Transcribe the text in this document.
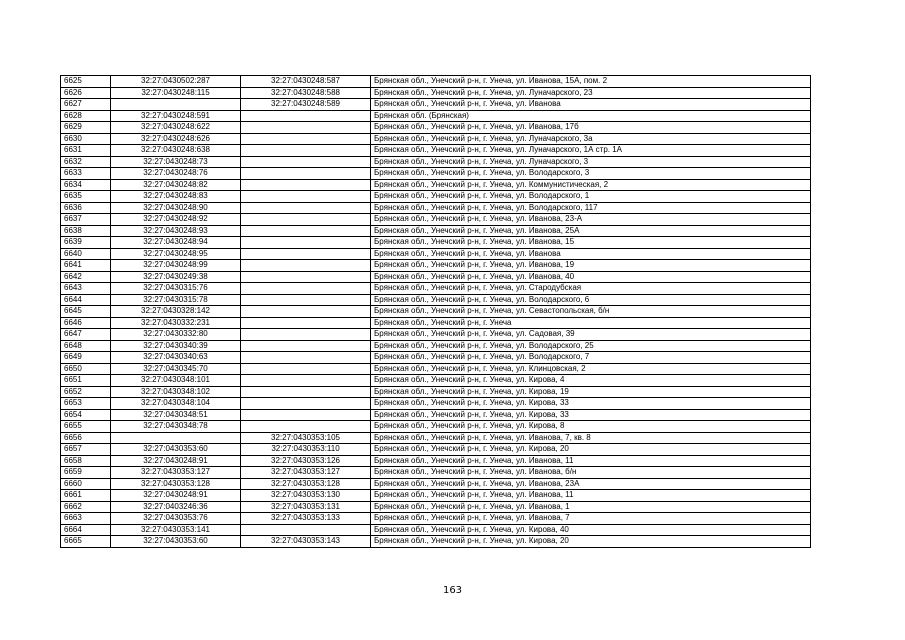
6625	32:27:0430502:287	32:27:0430248:587	Брянская обл., Унечский р-н, г. Унеча, ул. Иванова, 15А, пом. 2
6626	32:27:0430248:115	32:27:0430248:588	Брянская обл., Унечский р-н, г. Унеча, ул. Луначарского, 23
6627		32:27:0430248:589	Брянская обл., Унечский р-н, г. Унеча, ул. Иванова
6628	32:27:0430248:591		Брянская обл. (Брянская)
6629	32:27:0430248:622		Брянская обл., Унечский р-н, г. Унеча, ул. Иванова, 17б
6630	32:27:0430248:626		Брянская обл., Унечский р-н, г. Унеча, ул. Луначарского, 3а
6631	32:27:0430248:638		Брянская обл., Унечский р-н, г. Унеча, ул. Луначарского, 1А стр. 1А
6632	32:27:0430248:73		Брянская обл., Унечский р-н, г. Унеча, ул. Луначарского, 3
6633	32:27:0430248:76		Брянская обл., Унечский р-н, г. Унеча, ул. Володарского, 3
6634	32:27:0430248:82		Брянская обл., Унечский р-н, г. Унеча, ул. Коммунистическая, 2
6635	32:27:0430248:83		Брянская обл., Унечский р-н, г. Унеча, ул. Володарского, 1
6636	32:27:0430248:90		Брянская обл., Унечский р-н, г. Унеча, ул. Володарского, 117
6637	32:27:0430248:92		Брянская обл., Унечский р-н, г. Унеча, ул. Иванова, 23-А
6638	32:27:0430248:93		Брянская обл., Унечский р-н, г. Унеча, ул. Иванова, 25А
6639	32:27:0430248:94		Брянская обл., Унечский р-н, г. Унеча, ул. Иванова, 15
6640	32:27:0430248:95		Брянская обл., Унечский р-н, г. Унеча, ул. Иванова
6641	32:27:0430248:99		Брянская обл., Унечский р-н, г. Унеча, ул. Иванова, 19
6642	32:27:0430249:38		Брянская обл., Унечский р-н, г. Унеча, ул. Иванова, 40
6643	32:27:0430315:76		Брянская обл., Унечский р-н, г. Унеча, ул. Стародубская
6644	32:27:0430315:78		Брянская обл., Унечский р-н, г. Унеча, ул. Володарского, 6
6645	32:27:0430328:142		Брянская обл., Унечский р-н, г. Унеча, ул. Севастопольская, б/н
6646	32:27:0430332:231		Брянская обл., Унечский р-н, г. Унеча
6647	32:27:0430332:80		Брянская обл., Унечский р-н, г. Унеча, ул. Садовая, 39
6648	32:27:0430340:39		Брянская обл., Унечский р-н, г. Унеча, ул. Володарского, 25
6649	32:27:0430340:63		Брянская обл., Унечский р-н, г. Унеча, ул. Володарского, 7
6650	32:27:0430345:70		Брянская обл., Унечский р-н, г. Унеча, ул. Клинцовская, 2
6651	32:27:0430348:101		Брянская обл., Унечский р-н, г. Унеча, ул. Кирова, 4
6652	32:27:0430348:102		Брянская обл., Унечский р-н, г. Унеча, ул. Кирова, 19
6653	32:27:0430348:104		Брянская обл., Унечский р-н, г. Унеча, ул. Кирова, 33
6654	32:27:0430348:51		Брянская обл., Унечский р-н, г. Унеча, ул. Кирова, 33
6655	32:27:0430348:78		Брянская обл., Унечский р-н, г. Унеча, ул. Кирова, 8
6656		32:27:0430353:105	Брянская обл., Унечский р-н, г. Унеча, ул. Иванова, 7, кв. 8
6657	32:27:0430353:60	32:27:0430353:110	Брянская обл., Унечский р-н, г. Унеча, ул. Кирова, 20
6658	32:27:0430248:91	32:27:0430353:126	Брянская обл., Унечский р-н, г. Унеча, ул. Иванова, 11
6659	32:27:0430353:127	32:27:0430353:127	Брянская обл., Унечский р-н, г. Унеча, ул. Иванова, б/н
6660	32:27:0430353:128	32:27:0430353:128	Брянская обл., Унечский р-н, г. Унеча, ул. Иванова, 23А
6661	32:27:0430248:91	32:27:0430353:130	Брянская обл., Унечский р-н, г. Унеча, ул. Иванова, 11
6662	32:27:0403246:36	32:27:0430353:131	Брянская обл., Унечский р-н, г. Унеча, ул. Иванова, 1
6663	32:27:0430353:76	32:27:0430353:133	Брянская обл., Унечский р-н, г. Унеча, ул. Иванова, 7
6664	32:27:0430353:141		Брянская обл., Унечский р-н, г. Унеча, ул. Кирова, 40
6665	32:27:0430353:60	32:27:0430353:143	Брянская обл., Унечский р-н, г. Унеча, ул. Кирова, 20
163
